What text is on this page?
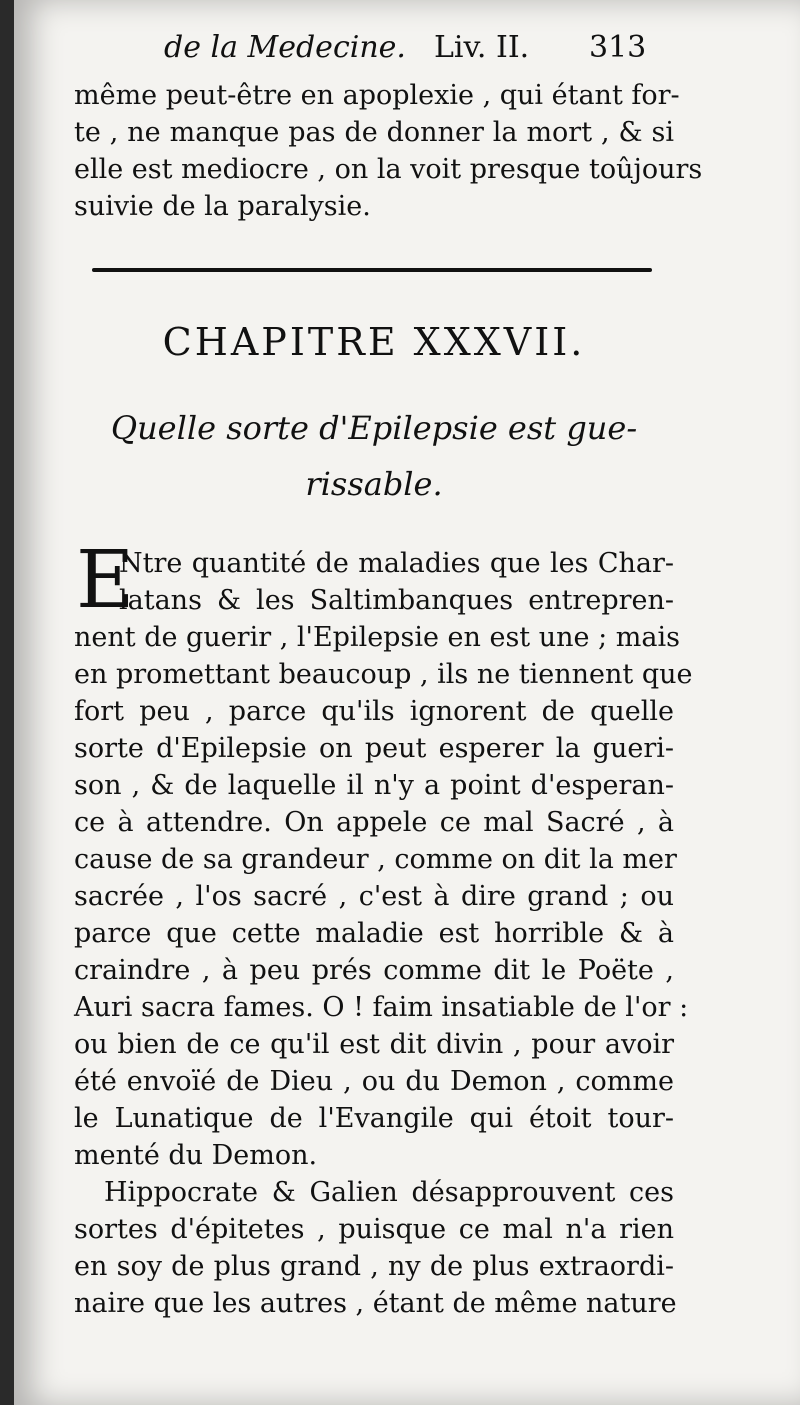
de la Medecine. Liv. II. 313
même peut-être en apoplexie , qui étant for-
te , ne manque pas de donner la mort , & si
elle est mediocre , on la voit presque toûjours
suivie de la paralysie.
CHAPITRE XXXVII.
Quelle sorte d'Epilepsie est gue-
rissable.
E
Ntre quantité de maladies que les Char-
latans & les Saltimbanques entrepren-
nent de guerir , l'Epilepsie en est une ; mais
en promettant beaucoup , ils ne tiennent que
fort peu , parce qu'ils ignorent de quelle
sorte d'Epilepsie on peut esperer la gueri-
son , & de laquelle il n'y a point d'esperan-
ce à attendre. On appele ce mal Sacré , à
cause de sa grandeur , comme on dit la mer
sacrée , l'os sacré , c'est à dire grand ; ou
parce que cette maladie est horrible & à
craindre , à peu prés comme dit le Poëte ,
Auri sacra fames. O ! faim insatiable de l'or :
ou bien de ce qu'il est dit divin , pour avoir
été envoïé de Dieu , ou du Demon , comme
le Lunatique de l'Evangile qui étoit tour-
menté du Demon.
Hippocrate & Galien désapprouvent ces
sortes d'épitetes , puisque ce mal n'a rien
en soy de plus grand , ny de plus extraordi-
naire que les autres , étant de même nature
